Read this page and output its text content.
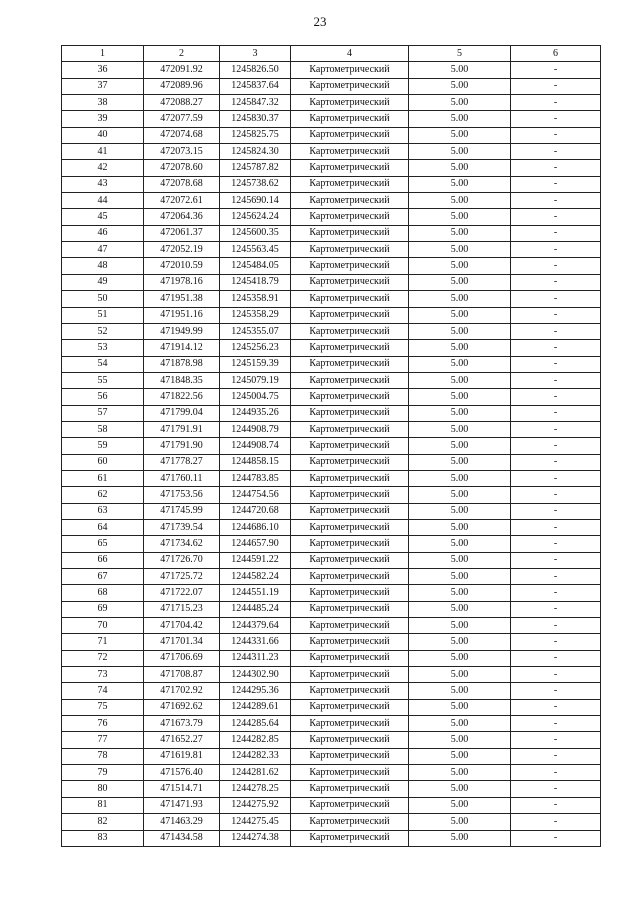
23
1	2	3	4	5	6
36	472091.92	1245826.50	Картометрический	5.00	-
37	472089.96	1245837.64	Картометрический	5.00	-
38	472088.27	1245847.32	Картометрический	5.00	-
39	472077.59	1245830.37	Картометрический	5.00	-
40	472074.68	1245825.75	Картометрический	5.00	-
41	472073.15	1245824.30	Картометрический	5.00	-
42	472078.60	1245787.82	Картометрический	5.00	-
43	472078.68	1245738.62	Картометрический	5.00	-
44	472072.61	1245690.14	Картометрический	5.00	-
45	472064.36	1245624.24	Картометрический	5.00	-
46	472061.37	1245600.35	Картометрический	5.00	-
47	472052.19	1245563.45	Картометрический	5.00	-
48	472010.59	1245484.05	Картометрический	5.00	-
49	471978.16	1245418.79	Картометрический	5.00	-
50	471951.38	1245358.91	Картометрический	5.00	-
51	471951.16	1245358.29	Картометрический	5.00	-
52	471949.99	1245355.07	Картометрический	5.00	-
53	471914.12	1245256.23	Картометрический	5.00	-
54	471878.98	1245159.39	Картометрический	5.00	-
55	471848.35	1245079.19	Картометрический	5.00	-
56	471822.56	1245004.75	Картометрический	5.00	-
57	471799.04	1244935.26	Картометрический	5.00	-
58	471791.91	1244908.79	Картометрический	5.00	-
59	471791.90	1244908.74	Картометрический	5.00	-
60	471778.27	1244858.15	Картометрический	5.00	-
61	471760.11	1244783.85	Картометрический	5.00	-
62	471753.56	1244754.56	Картометрический	5.00	-
63	471745.99	1244720.68	Картометрический	5.00	-
64	471739.54	1244686.10	Картометрический	5.00	-
65	471734.62	1244657.90	Картометрический	5.00	-
66	471726.70	1244591.22	Картометрический	5.00	-
67	471725.72	1244582.24	Картометрический	5.00	-
68	471722.07	1244551.19	Картометрический	5.00	-
69	471715.23	1244485.24	Картометрический	5.00	-
70	471704.42	1244379.64	Картометрический	5.00	-
71	471701.34	1244331.66	Картометрический	5.00	-
72	471706.69	1244311.23	Картометрический	5.00	-
73	471708.87	1244302.90	Картометрический	5.00	-
74	471702.92	1244295.36	Картометрический	5.00	-
75	471692.62	1244289.61	Картометрический	5.00	-
76	471673.79	1244285.64	Картометрический	5.00	-
77	471652.27	1244282.85	Картометрический	5.00	-
78	471619.81	1244282.33	Картометрический	5.00	-
79	471576.40	1244281.62	Картометрический	5.00	-
80	471514.71	1244278.25	Картометрический	5.00	-
81	471471.93	1244275.92	Картометрический	5.00	-
82	471463.29	1244275.45	Картометрический	5.00	-
83	471434.58	1244274.38	Картометрический	5.00	-
